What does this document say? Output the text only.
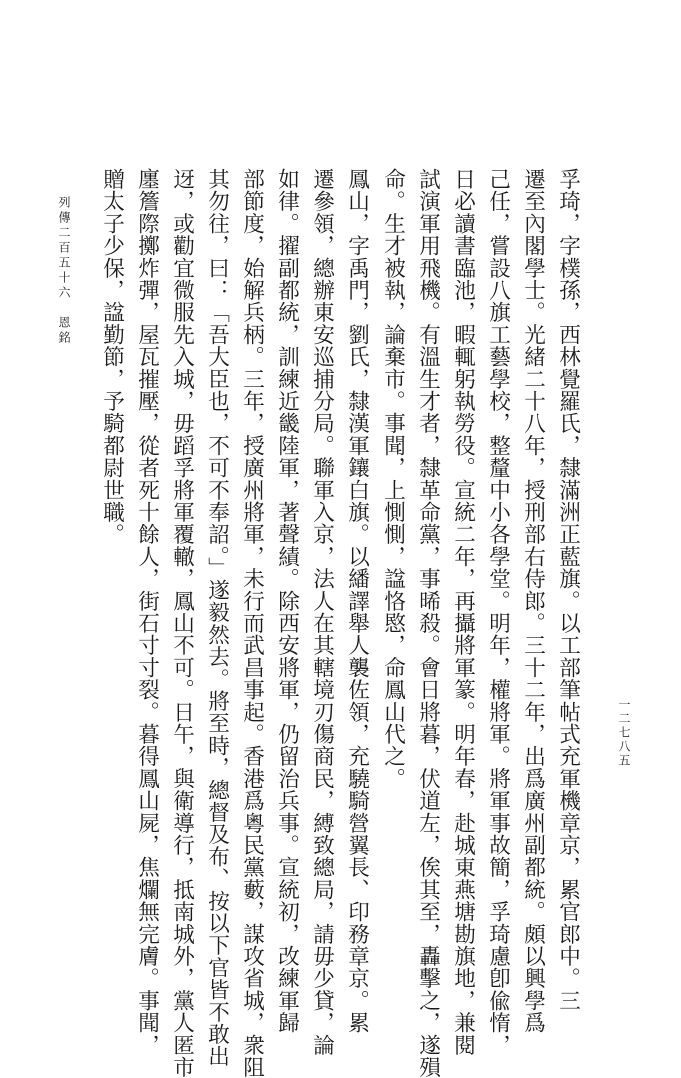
一二七八五
孚琦，字樸孫，西林覺羅氏，隸滿洲正藍旗。以工部筆帖式充軍機章京，累官郎中。三
遷至內閣學士。光緒二十八年，授刑部右侍郎。三十二年，出爲廣州副都統。頗以興學爲
己任，嘗設八旗工藝學校，整釐中小各學堂。明年，權將軍。將軍事故簡，孚琦慮卽偸惰，
日必讀書臨池，暇輒躬執勞役。宣統二年，再攝將軍篆。明年春，赴城東燕塘勘旗地，兼閱
試演軍用飛機。有溫生才者，隸革命黨，事晞殺。會日將暮，伏道左，俟其至，轟擊之，遂殞
命。生才被執，論棄市。事聞，上惻惻，諡恪愍，命鳳山代之。
鳳山，字禹門，劉氏，隸漢軍鑲白旗。以繙譯舉人襲佐領，充驍騎營翼長、印務章京。累
遷參領，總辦東安巡捕分局。聯軍入京，法人在其轄境刃傷商民，縛致總局，請毋少貸，論
如律。擢副都統，訓練近畿陸軍，著聲績。除西安將軍，仍留治兵事。宣統初，改練軍歸
部節度，始解兵柄。三年，授廣州將軍，未行而武昌事起。香港爲粵民黨藪，謀攻省城，衆阻
其勿往，曰：「吾大臣也，不可不奉詔。」遂毅然去。將至時，總督及布、按以下官皆不敢出
迓，或勸宜微服先入城，毋蹈孚將軍覆轍，鳳山不可。日午，與衛導行，抵南城外，黨人匿市
廛簷際擲炸彈，屋瓦摧壓，從者死十餘人，街石寸寸裂。暮得鳳山屍，焦爛無完膚。事聞，
贈太子少保，諡勤節，予騎都尉世職。
列傳二百五十六　恩銘
